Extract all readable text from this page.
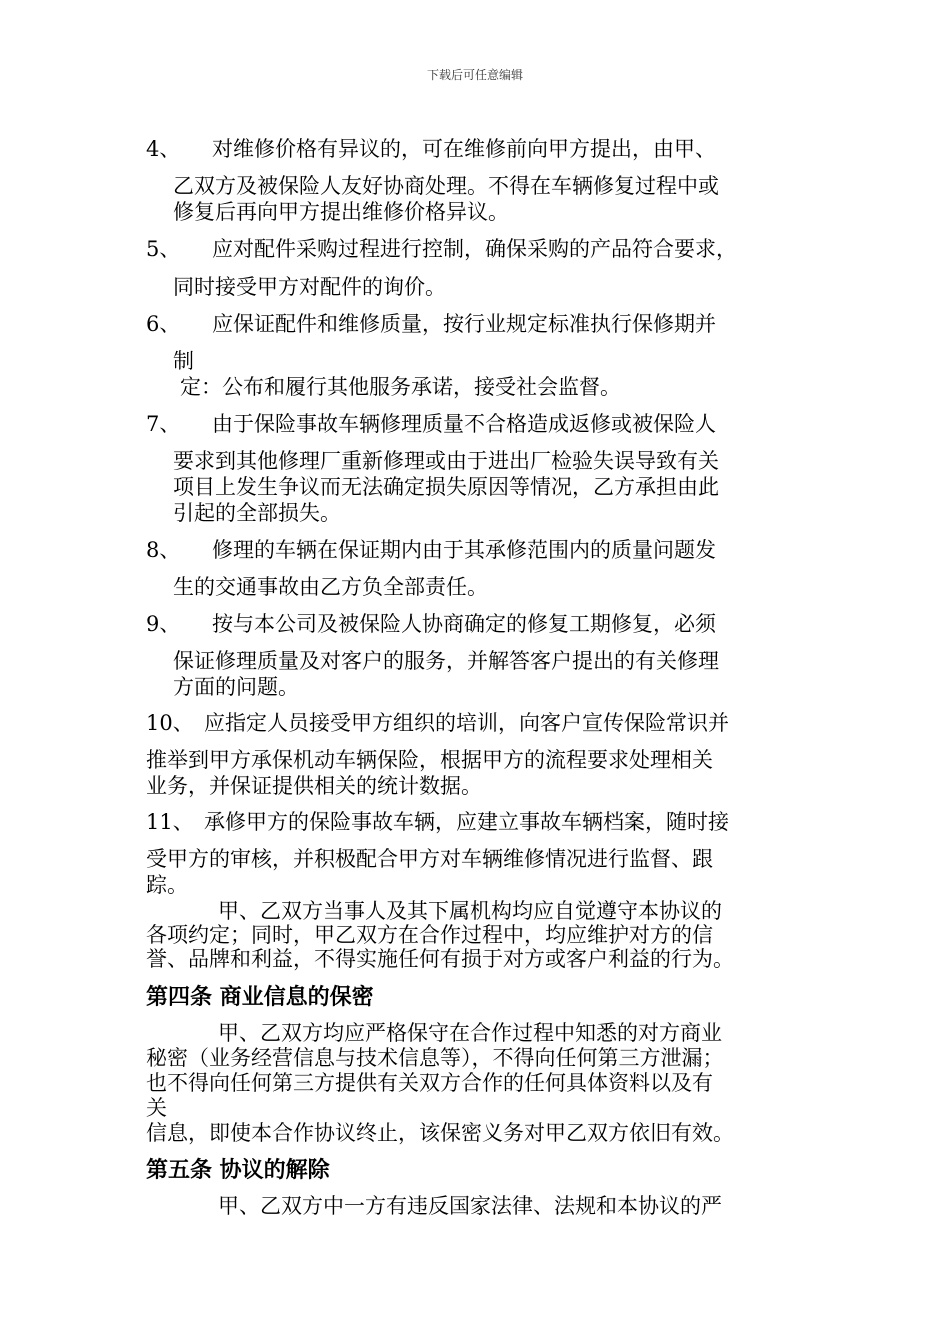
下载后可任意编辑
4、 对维修价格有异议的，可在维修前向甲方提出，由甲、
乙双方及被保险人友好协商处理。不得在车辆修复过程中或
修复后再向甲方提出维修价格异议。
5、 应对配件采购过程进行控制，确保采购的产品符合要求，
同时接受甲方对配件的询价。
6、 应保证配件和维修质量，按行业规定标准执行保修期并
制
定：公布和履行其他服务承诺，接受社会监督。
7、 由于保险事故车辆修理质量不合格造成返修或被保险人
要求到其他修理厂重新修理或由于进出厂检验失误导致有关
项目上发生争议而无法确定损失原因等情况，乙方承担由此
引起的全部损失。
8、 修理的车辆在保证期内由于其承修范围内的质量问题发
生的交通事故由乙方负全部责任。
9、 按与本公司及被保险人协商确定的修复工期修复，必须
保证修理质量及对客户的服务，并解答客户提出的有关修理
方面的问题。
10、 应指定人员接受甲方组织的培训，向客户宣传保险常识并
推举到甲方承保机动车辆保险，根据甲方的流程要求处理相关
业务，并保证提供相关的统计数据。
11、 承修甲方的保险事故车辆，应建立事故车辆档案，随时接
受甲方的审核，并积极配合甲方对车辆维修情况进行监督、跟
踪。
甲、乙双方当事人及其下属机构均应自觉遵守本协议的
各项约定；同时，甲乙双方在合作过程中，均应维护对方的信
誉、品牌和利益，不得实施任何有损于对方或客户利益的行为。
第四条 商业信息的保密
甲、乙双方均应严格保守在合作过程中知悉的对方商业
秘密（业务经营信息与技术信息等），不得向任何第三方泄漏；
也不得向任何第三方提供有关双方合作的任何具体资料以及有
关
信息，即使本合作协议终止，该保密义务对甲乙双方依旧有效。
第五条 协议的解除
甲、乙双方中一方有违反国家法律、法规和本协议的严
